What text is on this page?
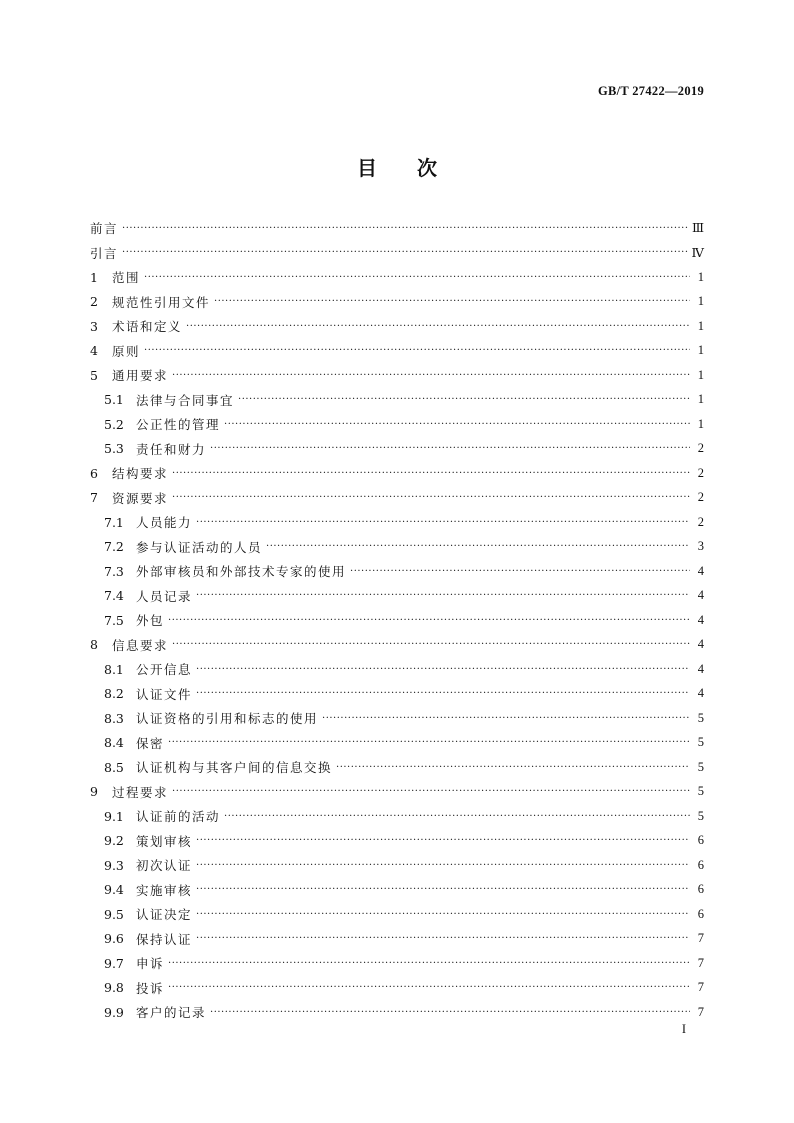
GB/T 27422—2019
目次
前言 ·····	Ⅲ
引言 ·····	Ⅳ
1	范围 ·····	1
2	规范性引用文件 ·····	1
3	术语和定义 ·····	1
4	原则 ·····	1
5	通用要求 ·····	1
5.1 法律与合同事宜 ·····	1
5.2 公正性的管理 ·····	1
5.3 责任和财力 ·····	2
6	结构要求 ·····	2
7	资源要求 ·····	2
7.1 人员能力 ·····	2
7.2 参与认证活动的人员 ·····	3
7.3 外部审核员和外部技术专家的使用 ·····	4
7.4 人员记录 ·····	4
7.5 外包 ·····	4
8	信息要求 ·····	4
8.1 公开信息 ·····	4
8.2 认证文件 ·····	4
8.3 认证资格的引用和标志的使用 ·····	5
8.4 保密 ·····	5
8.5 认证机构与其客户间的信息交换 ·····	5
9	过程要求 ·····	5
9.1 认证前的活动 ·····	5
9.2 策划审核 ·····	6
9.3 初次认证 ·····	6
9.4 实施审核 ·····	6
9.5 认证决定 ·····	6
9.6 保持认证 ·····	7
9.7 申诉 ·····	7
9.8 投诉 ·····	7
9.9 客户的记录 ·····	7
I
